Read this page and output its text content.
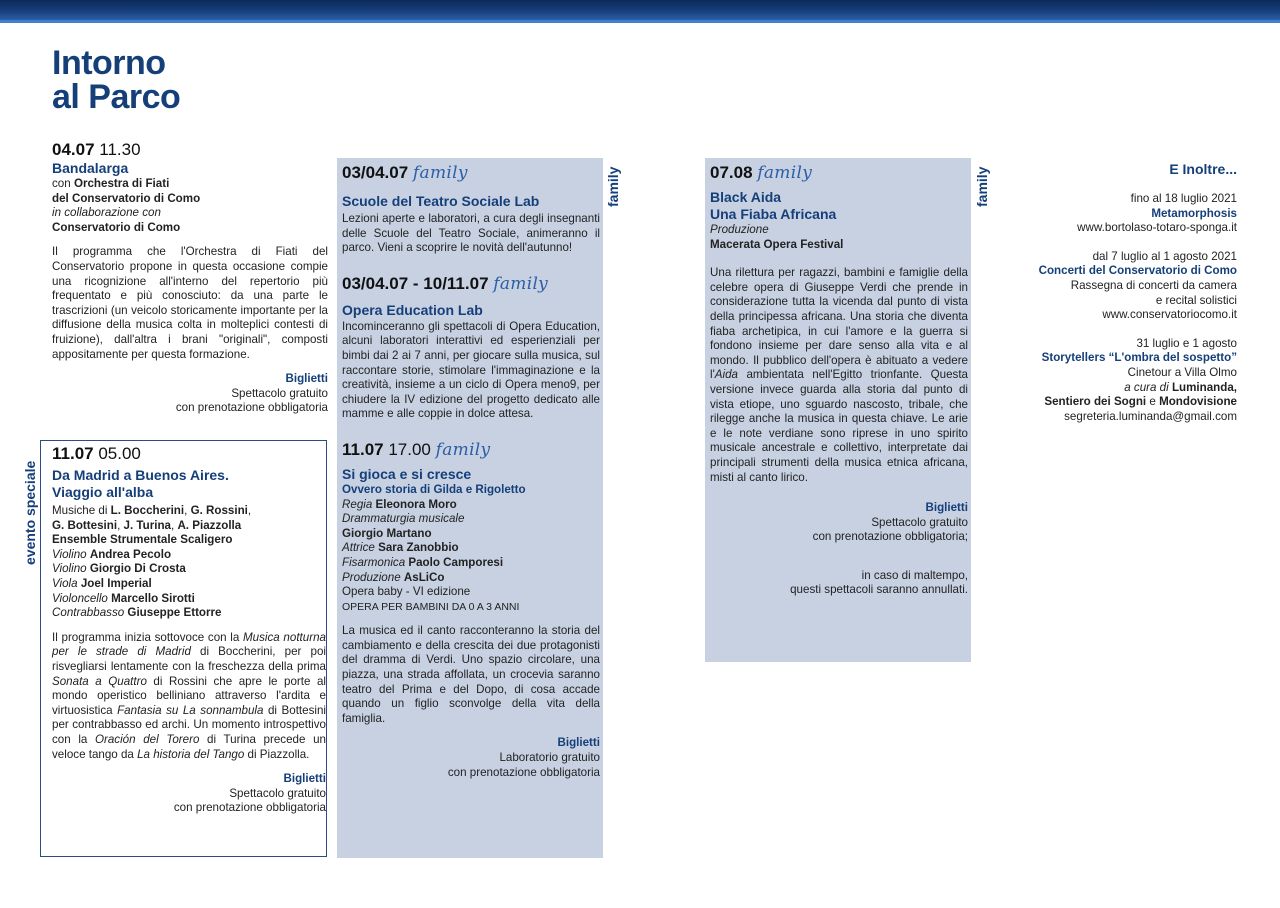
Intorno
al Parco

04.07 11.30

Bandalarga

con Orchestra di Fiati

del Conservatorio di Como

in collaborazione con

Conservatorio di Como

Il programma che l'Orchestra di Fiati del Conservatorio propone in questa occasione compie una ricognizione all'interno del repertorio più frequentato e più conosciuto: da una parte le trascrizioni (un veicolo storicamente importante per la diffusione della musica colta in molteplici contesti di fruizione), dall'altra i brani "originali", composti appositamente per questa formazione.

Biglietti

Spettacolo gratuito

con prenotazione obbligatoria

evento speciale

11.07 05.00

Da Madrid a Buenos Aires.
Viaggio all'alba

Musiche di L. Boccherini, G. Rossini,

G. Bottesini, J. Turina, A. Piazzolla

Ensemble Strumentale Scaligero

Violino Andrea Pecolo

Violino Giorgio Di Crosta

Viola Joel Imperial

Violoncello Marcello Sirotti

Contrabbasso Giuseppe Ettorre

Il programma inizia sottovoce con la Musica notturna per le strade di Madrid di Boccherini, per poi risvegliarsi lentamente con la freschezza della prima Sonata a Quattro di Rossini che apre le porte al mondo operistico belliniano attraverso l'ardita e virtuosistica Fantasia su La sonnambula di Bottesini per contrabbasso ed archi. Un momento introspettivo con la Oración del Torero di Turina precede un veloce tango da La historia del Tango di Piazzolla.

Biglietti

Spettacolo gratuito

con prenotazione obbligatoria

family

03/04.07 family

Scuole del Teatro Sociale Lab

Lezioni aperte e laboratori, a cura degli insegnanti delle Scuole del Teatro Sociale, animeranno il parco. Vieni a scoprire le novità dell'autunno!

03/04.07 - 10/11.07 family

Opera Education Lab

Incominceranno gli spettacoli di Opera Education, alcuni laboratori interattivi ed esperienziali per bimbi dai 2 ai 7 anni, per giocare sulla musica, sul raccontare storie, stimolare l'immaginazione e la creatività, insieme a un ciclo di Opera meno9, per chiudere la IV edizione del progetto dedicato alle mamme e alle coppie in dolce attesa.

11.07 17.00 family

Si gioca e si cresce

Ovvero storia di Gilda e Rigoletto

Regia Eleonora Moro

Drammaturgia musicale

Giorgio Martano

Attrice Sara Zanobbio

Fisarmonica Paolo Camporesi

Produzione AsLiCo

Opera baby - VI edizione

OPERA PER BAMBINI DA 0 A 3 ANNI

La musica ed il canto racconteranno la storia del cambiamento e della crescita dei due protagonisti del dramma di Verdi. Uno spazio circolare, una piazza, una strada affollata, un crocevia saranno teatro del Prima e del Dopo, di cosa accade quando un figlio sconvolge della vita della famiglia.

Biglietti

Laboratorio gratuito

con prenotazione obbligatoria

family

07.08 family

Black Aida
Una Fiaba Africana

Produzione

Macerata Opera Festival

Una rilettura per ragazzi, bambini e famiglie della celebre opera di Giuseppe Verdi che prende in considerazione tutta la vicenda dal punto di vista della principessa africana. Una storia che diventa fiaba archetipica, in cui l'amore e la guerra si fondono insieme per dare senso alla vita e al mondo. Il pubblico dell'opera è abituato a vedere l'Aida ambientata nell'Egitto trionfante. Questa versione invece guarda alla storia dal punto di vista etiope, uno sguardo nascosto, tribale, che rilegge anche la musica in questa chiave. Le arie e le note verdiane sono riprese in uno spirito musicale ancestrale e collettivo, interpretate dai principali strumenti della musica etnica africana, misti al canto lirico.

Biglietti

Spettacolo gratuito

con prenotazione obbligatoria;

in caso di maltempo,

questi spettacoli saranno annullati.

E Inoltre...

fino al 18 luglio 2021

Metamorphosis

www.bortolaso-totaro-sponga.it

dal 7 luglio al 1 agosto 2021

Concerti del Conservatorio di Como

Rassegna di concerti da camera

e recital solistici

www.conservatoriocomo.it

31 luglio e 1 agosto

Storytellers “L'ombra del sospetto”

Cinetour a Villa Olmo

a cura di Luminanda,

Sentiero dei Sogni e Mondovisione

segreteria.luminanda@gmail.com
